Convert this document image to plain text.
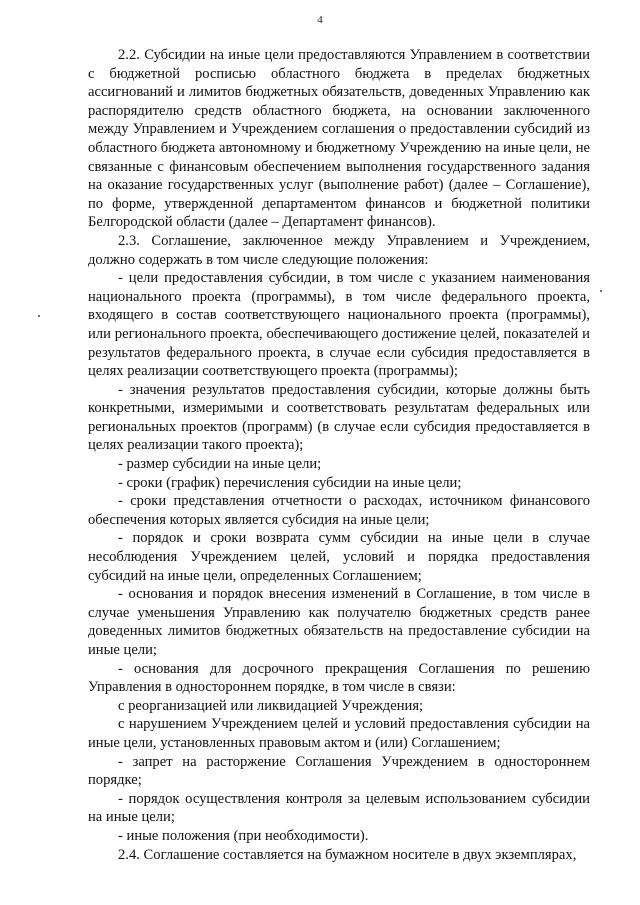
4

2.2. Субсидии на иные цели предоставляются Управлением в соответствии с бюджетной росписью областного бюджета в пределах бюджетных ассигнований и лимитов бюджетных обязательств, доведенных Управлению как распорядителю средств областного бюджета, на основании заключенного между Управлением и Учреждением соглашения о предоставлении субсидий из областного бюджета автономному и бюджетному Учреждению на иные цели, не связанные с финансовым обеспечением выполнения государственного задания на оказание государственных услуг (выполнение работ) (далее – Соглашение), по форме, утвержденной департаментом финансов и бюджетной политики Белгородской области (далее – Департамент финансов).

2.3. Соглашение, заключенное между Управлением и Учреждением, должно содержать в том числе следующие положения:

- цели предоставления субсидии, в том числе с указанием наименования национального проекта (программы), в том числе федерального проекта, входящего в состав соответствующего национального проекта (программы), или регионального проекта, обеспечивающего достижение целей, показателей и результатов федерального проекта, в случае если субсидия предоставляется в целях реализации соответствующего проекта (программы);

- значения результатов предоставления субсидии, которые должны быть конкретными, измеримыми и соответствовать результатам федеральных или региональных проектов (программ) (в случае если субсидия предоставляется в целях реализации такого проекта);

- размер субсидии на иные цели;

- сроки (график) перечисления субсидии на иные цели;

- сроки представления отчетности о расходах, источником финансового обеспечения которых является субсидия на иные цели;

- порядок и сроки возврата сумм субсидии на иные цели в случае несоблюдения Учреждением целей, условий и порядка предоставления субсидий на иные цели, определенных Соглашением;

- основания и порядок внесения изменений в Соглашение, в том числе в случае уменьшения Управлению как получателю бюджетных средств ранее доведенных лимитов бюджетных обязательств на предоставление субсидии на иные цели;

- основания для досрочного прекращения Соглашения по решению Управления в одностороннем порядке, в том числе в связи:

с реорганизацией или ликвидацией Учреждения;

с нарушением Учреждением целей и условий предоставления субсидии на иные цели, установленных правовым актом и (или) Соглашением;

- запрет на расторжение Соглашения Учреждением в одностороннем порядке;

- порядок осуществления контроля за целевым использованием субсидии на иные цели;

- иные положения (при необходимости).

2.4. Соглашение составляется на бумажном носителе в двух экземплярах,
